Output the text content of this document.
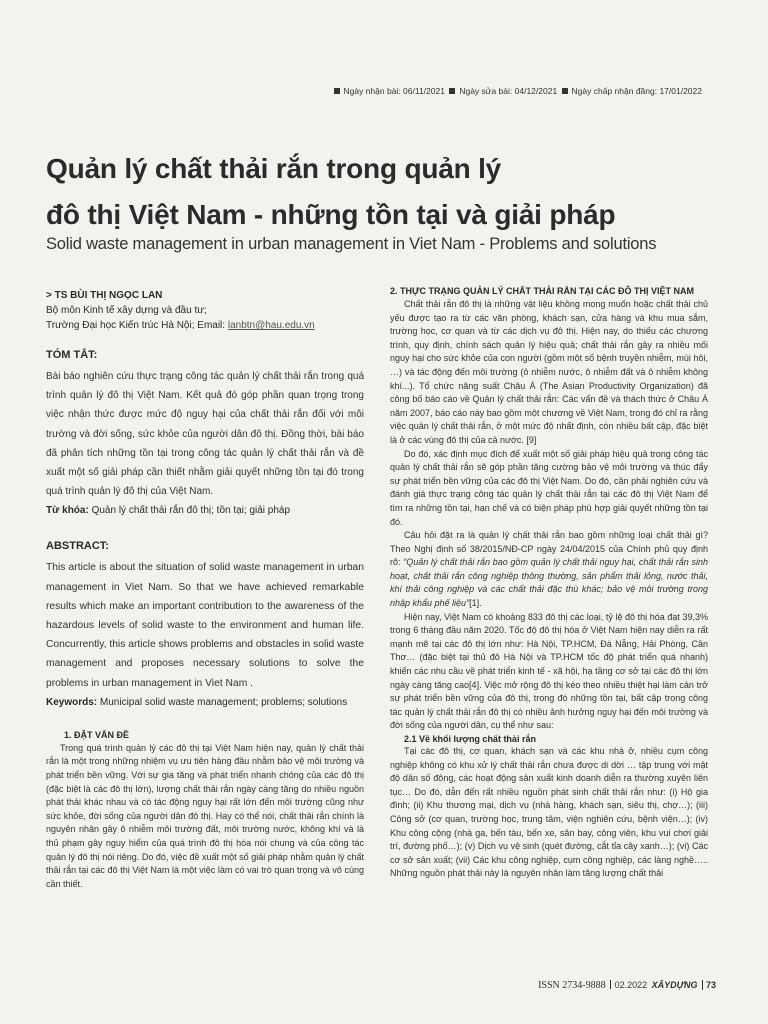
Ngày nhận bài: 06/11/2021 Ngày sửa bài: 04/12/2021 Ngày chấp nhận đăng: 17/01/2022
Quản lý chất thải rắn trong quản lý
đô thị Việt Nam - những tồn tại và giải pháp
Solid waste management in urban management in Viet Nam - Problems and solutions

> TS BÙI THỊ NGỌC LAN

Bộ môn Kinh tế xây dựng và đầu tư;
Trường Đại học Kiến trúc Hà Nội; Email: lanbtn@hau.edu.vn

TÓM TẮT:

Bài báo nghiên cứu thực trạng công tác quản lý chất thải rắn trong quá trình quản lý đô thị Việt Nam. Kết quả đó góp phần quan trọng trong việc nhận thức được mức độ nguy hại của chất thải rắn đối với môi trường và đời sống, sức khỏe của người dân đô thị. Đồng thời, bài báo đã phân tích những tồn tại trong công tác quản lý chất thải rắn và đề xuất một số giải pháp cần thiết nhằm giải quyết những tồn tại đó trong quá trình quản lý đô thị của Việt Nam.

Từ khóa: Quản lý chất thải rắn đô thị; tồn tại; giải pháp

ABSTRACT:

This article is about the situation of solid waste management in urban management in Viet Nam. So that we have achieved remarkable results which make an important contribution to the awareness of the hazardous levels of solid waste to the environment and human life. Concurrently, this article shows problems and obstacles in solid waste management and proposes necessary solutions to solve the problems in urban management in Viet Nam .

Keywords: Municipal solid waste management; problems; solutions

1. ĐẶT VẤN ĐỀ

Trong quá trình quản lý các đô thị tại Việt Nam hiện nay, quản lý chất thải rắn là một trong những nhiệm vụ ưu tiên hàng đầu nhằm bảo vệ môi trường và phát triển bền vững. Với sự gia tăng và phát triển nhanh chóng của các đô thị (đặc biệt là các đô thị lớn), lượng chất thải rắn ngày càng tăng do nhiều nguồn phát thải khác nhau và có tác động nguy hại rất lớn đến môi trường cũng như sức khỏe, đời sống của người dân đô thị. Hay có thể nói, chất thải rắn chính là nguyên nhân gây ô nhiễm môi trường đất, môi trường nước, không khí và là thủ phạm gây nguy hiểm của quá trình đô thị hóa nói chung và của công tác quản lý đô thị nói riêng. Do đó, việc đề xuất một số giải pháp nhằm quản lý chất thải rắn tại các đô thị Việt Nam là một việc làm có vai trò quan trọng và vô cùng cần thiết.

2. THỰC TRẠNG QUẢN LÝ CHẤT THẢI RẮN TẠI CÁC ĐÔ THỊ VIỆT NAM

Chất thải rắn đô thị là những vật liệu không mong muốn hoặc chất thải chủ yếu được tạo ra từ các văn phòng, khách sạn, cửa hàng và khu mua sắm, trường học, cơ quan và từ các dịch vụ đô thị. Hiện nay, do thiếu các chương trình, quy định, chính sách quản lý hiệu quả; chất thải rắn gây ra nhiều mối nguy hại cho sức khỏe của con người (gồm một số bệnh truyền nhiễm, mùi hôi, …) và tác động đến môi trường (ô nhiễm nước, ô nhiễm đất và ô nhiễm không khí...). Tổ chức năng suất Châu Á (The Asian Productivity Organization) đã công bố báo cáo về Quản lý chất thải rắn: Các vấn đề và thách thức ở Châu Á năm 2007, báo cáo này bao gồm một chương về Việt Nam, trong đó chỉ ra rằng việc quản lý chất thải rắn, ở một mức độ nhất định, còn nhiều bất cập, đặc biệt là ở các vùng đô thị của cả nước. [9]

Do đó, xác định mục đích để xuất một số giải pháp hiệu quả trong công tác quản lý chất thải rắn sẽ góp phần tăng cường bảo vệ môi trường và thúc đẩy sự phát triển bền vững của các đô thị Việt Nam. Do đó, cần phải nghiên cứu và đánh giá thực trạng công tác quản lý chất thải rắn tại các đô thị Việt Nam để tìm ra những tồn tại, hạn chế và có biện pháp phù hợp giải quyết những tồn tại đó.

Câu hỏi đặt ra là quản lý chất thải rắn bao gồm những loại chất thải gì? Theo Nghị định số 38/2015/NĐ-CP ngày 24/04/2015 của Chính phủ quy định rõ: “Quản lý chất thải rắn bao gồm quản lý chất thải nguy hại, chất thải rắn sinh hoạt, chất thải rắn công nghiệp thông thường, sản phẩm thải lỏng, nước thải, khí thải công nghiệp và các chất thải đặc thù khác; bảo vệ môi trường trong nhập khẩu phế liệu”[1].

Hiện nay, Việt Nam có khoảng 833 đô thị các loại, tỷ lệ đô thị hóa đạt 39,3% trong 6 tháng đầu năm 2020. Tốc độ đô thị hóa ở Việt Nam hiện nay diễn ra rất mạnh mẽ tại các đô thị lớn như: Hà Nội, TP.HCM, Đà Nẵng, Hải Phòng, Cần Thơ… (đặc biệt tại thủ đô Hà Nội và TP.HCM tốc độ phát triển quá nhanh) khiến các nhu cầu về phát triển kinh tế - xã hội, hạ tầng cơ sở tại các đô thị lớn ngày càng tăng cao[4]. Việc mở rộng đô thị kéo theo nhiều thiệt hại làm cản trở sự phát triển bền vững của đô thị, trong đó những tồn tại, bất cập trong công tác quản lý chất thải rắn đô thị có nhiều ảnh hưởng nguy hại đến môi trường và đời sống của người dân, cụ thể như sau:

2.1 Về khối lượng chất thải rắn

Tại các đô thị, cơ quan, khách sạn và các khu nhà ở, nhiều cụm công nghiệp không có khu xử lý chất thải rắn chưa được di dời … tập trung với mật độ dân số đông, các hoạt động sản xuất kinh doanh diễn ra thường xuyên liên tục… Do đó, dẫn đến rất nhiều nguồn phát sinh chất thải rắn như: (i) Hộ gia đình; (ii) Khu thương mại, dịch vụ (nhà hàng, khách sạn, siêu thị, chợ…); (iii) Công sở (cơ quan, trường học, trung tâm, viện nghiên cứu, bệnh viện…); (iv) Khu công cộng (nhà ga, bến tàu, bến xe, sân bay, công viên, khu vui chơi giải trí, đường phố…); (v) Dịch vụ vệ sinh (quét đường, cắt tỉa cây xanh…); (vi) Các cơ sở sản xuất; (vii) Các khu công nghiệp, cụm công nghiệp, các làng nghề….. Những nguồn phát thải này là nguyên nhân làm tăng lượng chất thải

ISSN 2734-9888 02.2022 XÂYDỰNG 73
